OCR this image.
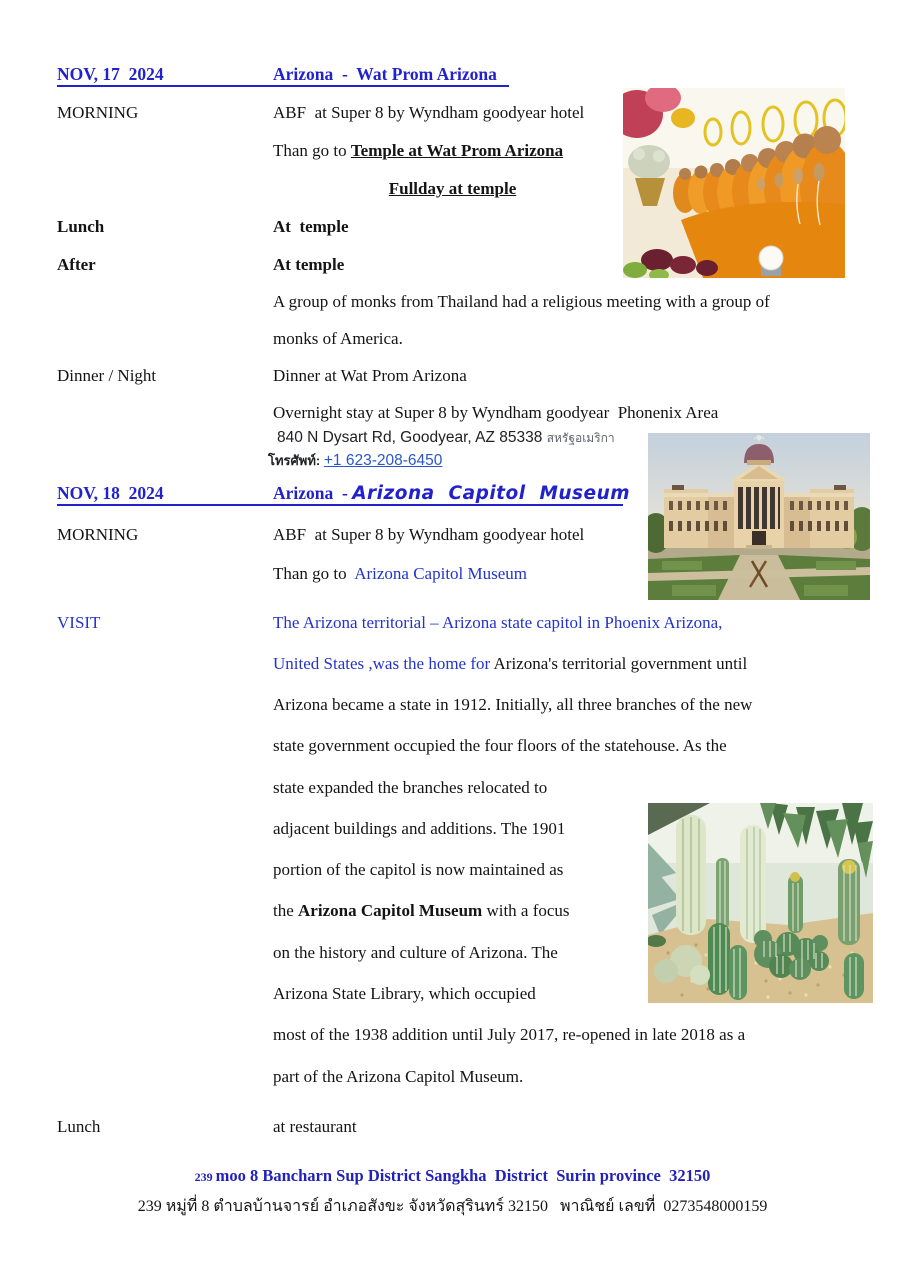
NOV, 17  2024	Arizona  -  Wat Prom Arizona
MORNING	ABF  at Super 8 by Wyndham goodyear hotel
Than go to Temple at Wat Prom Arizona
Fullday at temple
Lunch	At  temple
After	At temple
A group of monks from Thailand had a religious meeting with a group of
monks of America.
Dinner / Night	Dinner at Wat Prom Arizona
Overnight stay at Super 8 by Wyndham goodyear  Phonenix Area
840 N Dysart Rd, Goodyear, AZ 85338 สหรัฐอเมริกา
โทรศัพท์: +1 623-208-6450
NOV, 18  2024	Arizona  - Arizona  Capitol  Museum
MORNING	ABF  at Super 8 by Wyndham goodyear hotel
Than go to  Arizona Capitol Museum
VISIT	The Arizona territorial – Arizona state capitol in Phoenix Arizona,
United States ,was the home for Arizona's territorial government until
Arizona became a state in 1912. Initially, all three branches of the new
state government occupied the four floors of the statehouse. As the
state expanded the branches relocated to
adjacent buildings and additions. The 1901
portion of the capitol is now maintained as
the Arizona Capitol Museum with a focus
on the history and culture of Arizona. The
Arizona State Library, which occupied
most of the 1938 addition until July 2017, re-opened in late 2018 as a
part of the Arizona Capitol Museum.
Lunch	at restaurant
239 moo 8 Bancharn Sup District Sangkha  District  Surin province  32150
239 หมู่ที่ 8 ตำบลบ้านจารย์ อำเภอสังขะ จังหวัดสุรินทร์ 32150   พาณิชย์ เลขที่  0273548000159
